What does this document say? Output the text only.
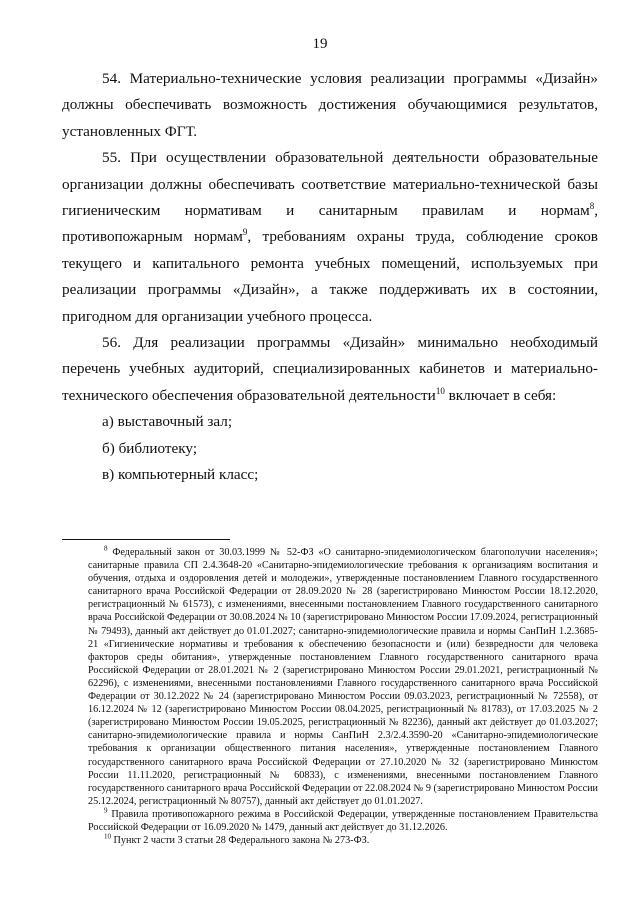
19

54. Материально-технические условия реализации программы «Дизайн» должны обеспечивать возможность достижения обучающимися результатов, установленных ФГТ.

55. При осуществлении образовательной деятельности образовательные организации должны обеспечивать соответствие материально-технической базы гигиеническим нормативам и санитарным правилам и нормам$^8$, противопожарным нормам$^9$, требованиям охраны труда, соблюдение сроков текущего и капитального ремонта учебных помещений, используемых при реализации программы «Дизайн», а также поддерживать их в состоянии, пригодном для организации учебного процесса.

56. Для реализации программы «Дизайн» минимально необходимый перечень учебных аудиторий, специализированных кабинетов и материально-технического обеспечения образовательной деятельности$^{10}$ включает в себя:

а) выставочный зал;

б) библиотеку;

в) компьютерный класс;

$^8$ Федеральный закон от 30.03.1999 № 52-ФЗ «О санитарно-эпидемиологическом благополучии населения»; санитарные правила СП 2.4.3648-20 «Санитарно-эпидемиологические требования к организациям воспитания и обучения, отдыха и оздоровления детей и молодежи», утвержденные постановлением Главного государственного санитарного врача Российской Федерации от 28.09.2020 № 28 (зарегистрировано Минюстом России 18.12.2020, регистрационный № 61573), с изменениями, внесенными постановлением Главного государственного санитарного врача Российской Федерации от 30.08.2024 № 10 (зарегистрировано Минюстом России 17.09.2024, регистрационный № 79493), данный акт действует до 01.01.2027; санитарно-эпидемиологические правила и нормы СанПиН 1.2.3685-21 «Гигиенические нормативы и требования к обеспечению безопасности и (или) безвредности для человека факторов среды обитания», утвержденные постановлением Главного государственного санитарного врача Российской Федерации от 28.01.2021 № 2 (зарегистрировано Минюстом России 29.01.2021, регистрационный № 62296), с изменениями, внесенными постановлениями Главного государственного санитарного врача Российской Федерации от 30.12.2022 № 24 (зарегистрировано Минюстом России 09.03.2023, регистрационный № 72558), от 16.12.2024 № 12 (зарегистрировано Минюстом России 08.04.2025, регистрационный № 81783), от 17.03.2025 № 2 (зарегистрировано Минюстом России 19.05.2025, регистрационный № 82236), данный акт действует до 01.03.2027; санитарно-эпидемиологические правила и нормы СанПиН 2.3/2.4.3590-20 «Санитарно-эпидемиологические требования к организации общественного питания населения», утвержденные постановлением Главного государственного санитарного врача Российской Федерации от 27.10.2020 № 32 (зарегистрировано Минюстом России 11.11.2020, регистрационный № 60833), с изменениями, внесенными постановлением Главного государственного санитарного врача Российской Федерации от 22.08.2024 № 9 (зарегистрировано Минюстом России 25.12.2024, регистрационный № 80757), данный акт действует до 01.01.2027.

$^9$ Правила противопожарного режима в Российской Федерации, утвержденные постановлением Правительства Российской Федерации от 16.09.2020 № 1479, данный акт действует до 31.12.2026.

$^{10}$ Пункт 2 части 3 статьи 28 Федерального закона № 273-ФЗ.
